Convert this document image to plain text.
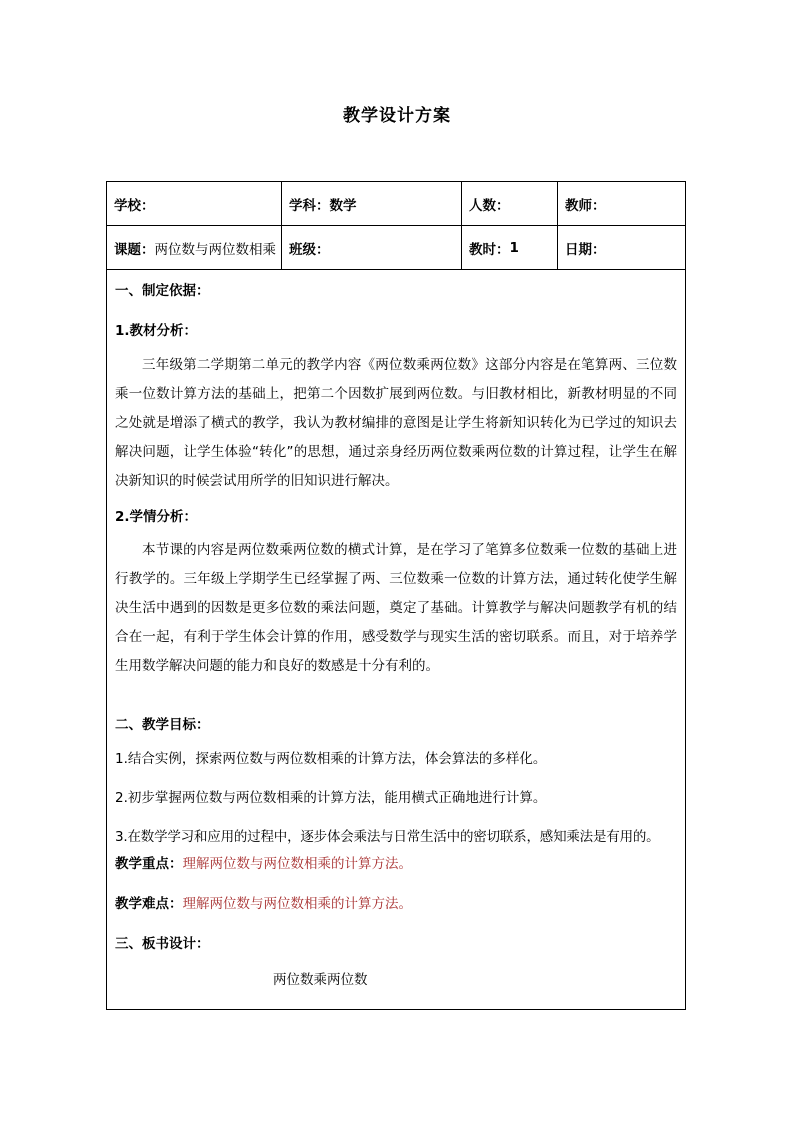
教学设计方案
学校：	学科： 数学	人数：	教师：
课题： 两位数与两位数相乘 班级：	教时： 1	日期：
一、制定依据：
1.教材分析：
三年级第二学期第二单元的教学内容《两位数乘两位数》这部分内容是在笔算两、三位数乘一位数计算方法的基础上，把第二个因数扩展到两位数。与旧教材相比，新教材明显的不同之处就是增添了横式的教学，我认为教材编排的意图是让学生将新知识转化为已学过的知识去解决问题，让学生体验“转化”的思想，通过亲身经历两位数乘两位数的计算过程，让学生在解决新知识的时候尝试用所学的旧知识进行解决。
2.学情分析：
本节课的内容是两位数乘两位数的横式计算，是在学习了笔算多位数乘一位数的基础上进行教学的。三年级上学期学生已经掌握了两、三位数乘一位数的计算方法，通过转化使学生解决生活中遇到的因数是更多位数的乘法问题，奠定了基础。计算教学与解决问题教学有机的结合在一起，有利于学生体会计算的作用，感受数学与现实生活的密切联系。而且，对于培养学生用数学解决问题的能力和良好的数感是十分有利的。
二、教学目标：
1.结合实例，探索两位数与两位数相乘的计算方法，体会算法的多样化。
2.初步掌握两位数与两位数相乘的计算方法，能用横式正确地进行计算。
3.在数学学习和应用的过程中，逐步体会乘法与日常生活中的密切联系，感知乘法是有用的。
教学重点：理解两位数与两位数相乘的计算方法。
教学难点：理解两位数与两位数相乘的计算方法。
三、板书设计：
两位数乘两位数
